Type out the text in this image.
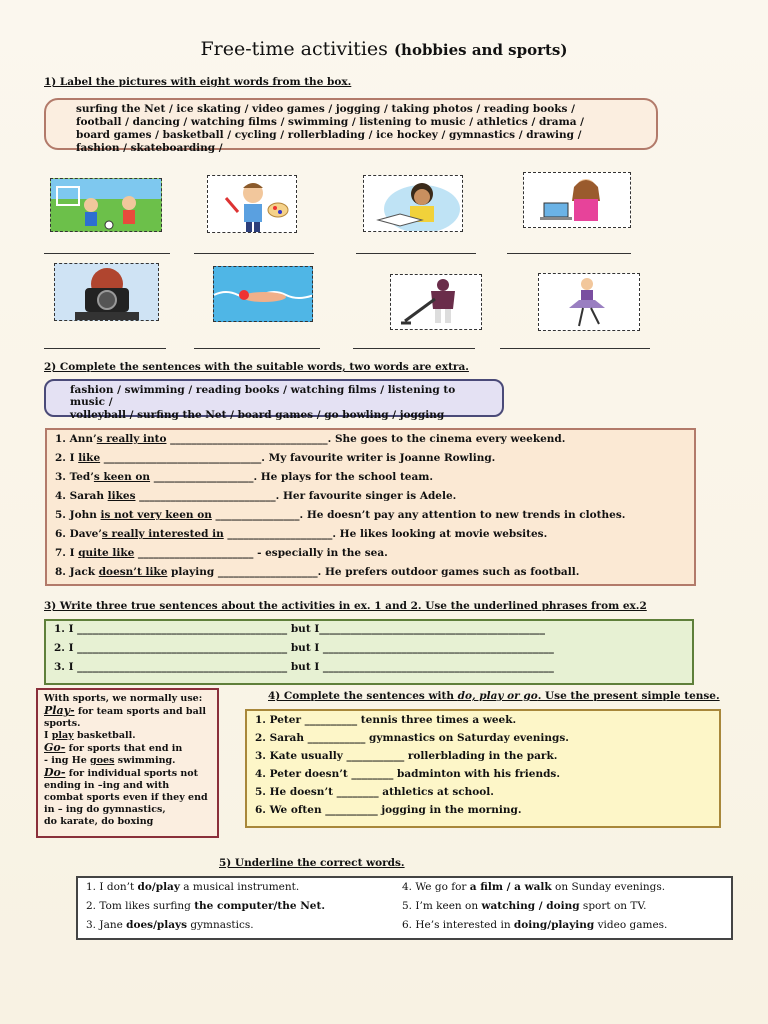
Free-time activities (hobbies and sports)
1) Label the pictures with eight words from the box.
surfing the Net / ice skating / video games / jogging / taking photos / reading books /
football / dancing / watching films / swimming / listening to music / athletics / drama /
board games / basketball / cycling / rollerblading / ice hockey / gymnastics / drawing /
fashion / skateboarding /
2) Complete the sentences with the suitable words, two words are extra.
fashion / swimming / reading books / watching films / listening to
music /
volleyball / surfing the Net / board games / go bowling / jogging
1. Ann’s really into ______________________________. She goes to the cinema every weekend.
2. I like ______________________________. My favourite writer is Joanne Rowling.
3. Ted’s keen on ___________________. He plays for the school team.
4. Sarah likes __________________________. Her favourite singer is Adele.
5. John is not very keen on ________________. He doesn’t pay any attention to new trends in clothes.
6. Dave’s really interested in ____________________. He likes looking at movie websites.
7. I quite like ______________________ - especially in the sea.
8. Jack doesn’t like playing ___________________. He prefers outdoor games such as football.
3) Write three true sentences about the activities in ex. 1 and 2. Use the underlined phrases from ex.2
1. I ________________________________________ but I___________________________________________
2. I ________________________________________ but I ____________________________________________
3. I ________________________________________ but I ____________________________________________
With sports, we normally use:
Play- for team sports and ball sports.
I play basketball.
Go- for sports that end in
- ing He goes swimming.
Do- for individual sports not ending in –ing and with combat sports even if they end in – ing do gymnastics,
do karate, do boxing
4) Complete the sentences with do, play or go. Use the present simple tense.
1. Peter __________ tennis three times a week.
2. Sarah ___________ gymnastics on Saturday evenings.
3. Kate usually ___________ rollerblading in the park.
4. Peter doesn’t ________ badminton with his friends.
5. He doesn’t ________ athletics at school.
6. We often __________ jogging in the morning.
5) Underline the correct words.
1. I don’t do/play a musical instrument.
2. Tom likes surfing the computer/the Net.
3. Jane does/plays gymnastics.
4. We go for a film / a walk on Sunday evenings.
5. I’m keen on watching / doing sport on TV.
6. He’s interested in doing/playing video games.
